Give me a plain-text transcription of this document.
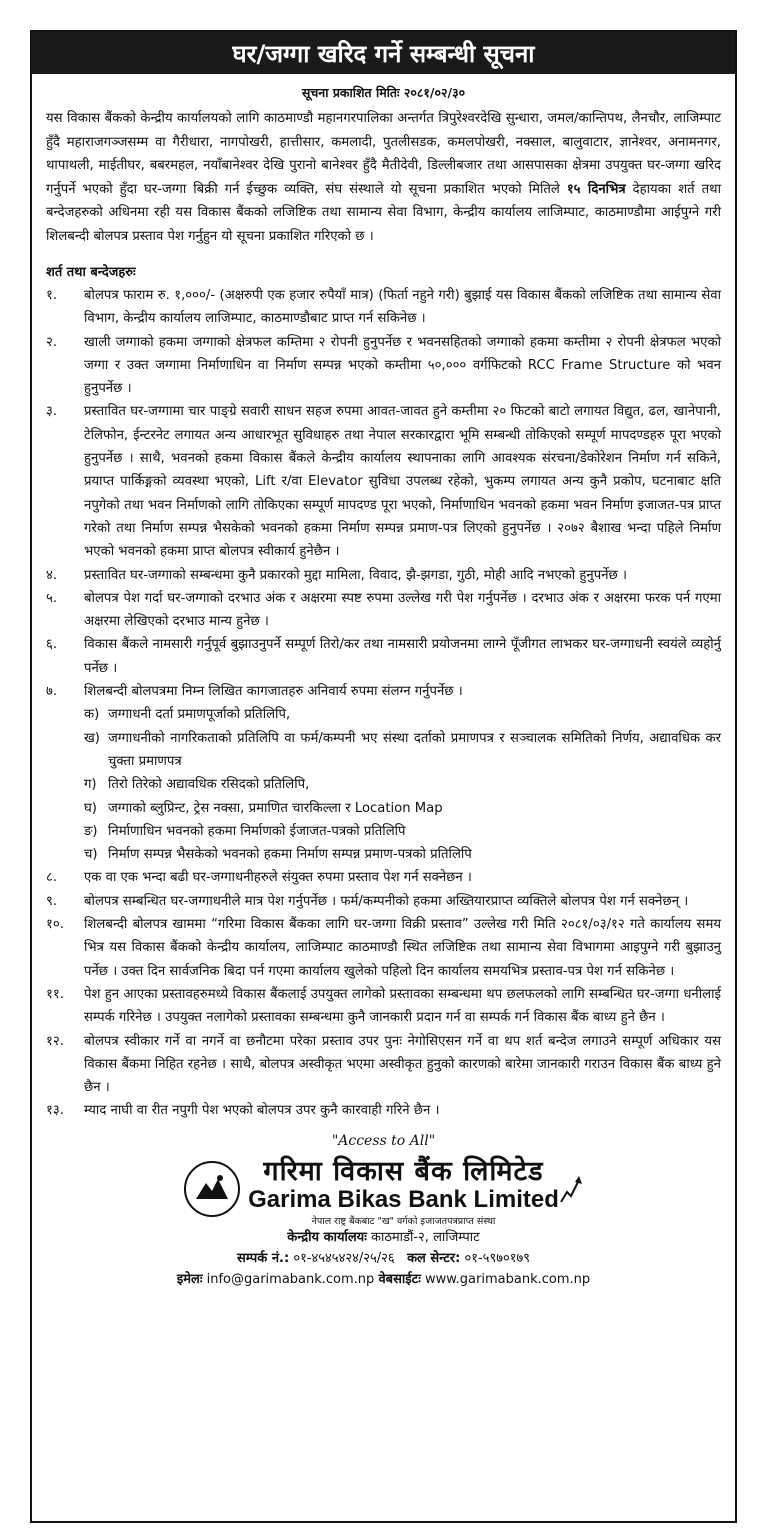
घर/जग्गा खरिद गर्ने सम्बन्धी सूचना
सूचना प्रकाशित मितिः २०८१/०२/३०
यस विकास बैंकको केन्द्रीय कार्यालयको लागि काठमाण्डौ महानगरपालिका अन्तर्गत त्रिपुरेश्वरदेखि सुन्धारा, जमल/कान्तिपथ, लैनचौर, लाजिम्पाट हुँदै महाराजगञ्जसम्म वा गैरीधारा, नागपोखरी, हात्तीसार, कमलादी, पुतलीसडक, कमलपोखरी, नक्साल, बालुवाटार, ज्ञानेश्वर, अनामनगर, थापाथली, माईतीघर, बबरमहल, नयाँबानेश्वर देखि पुरानो बानेश्वर हुँदै मैतीदेवी, डिल्लीबजार तथा आसपासका क्षेत्रमा उपयुक्त घर-जग्गा खरिद गर्नुपर्ने भएको हुँदा घर-जग्गा बिक्री गर्न ईच्छुक व्यक्ति, संघ संस्थाले यो सूचना प्रकाशित भएको मितिले १५ दिनभित्र देहायका शर्त तथा बन्देजहरुको अधिनमा रही यस विकास बैंकको लजिष्टिक तथा सामान्य सेवा विभाग, केन्द्रीय कार्यालय लाजिम्पाट, काठमाण्डौमा आईपुग्ने गरी शिलबन्दी बोलपत्र प्रस्ताव पेश गर्नुहुन यो सूचना प्रकाशित गरिएको छ ।
शर्त तथा बन्देजहरुः
१.	बोलपत्र फाराम रु. १,०००/- (अक्षरुपी एक हजार रुपैयाँ मात्र) (फिर्ता नहुने गरी) बुझाई यस विकास बैंकको लजिष्टिक तथा सामान्य सेवा विभाग, केन्द्रीय कार्यालय लाजिम्पाट, काठमाण्डौबाट प्राप्त गर्न सकिनेछ ।
२.	खाली जग्गाको हकमा जग्गाको क्षेत्रफल कम्तिमा २ रोपनी हुनुपर्नेछ र भवनसहितको जग्गाको हकमा कम्तीमा २ रोपनी क्षेत्रफल भएको जग्गा र उक्त जग्गामा निर्माणाधिन वा निर्माण सम्पन्न भएको कम्तीमा ५०,००० वर्गफिटको RCC Frame Structure को भवन हुनुपर्नेछ ।
३.	प्रस्तावित घर-जग्गामा चार पाङ्ग्रे सवारी साधन सहज रुपमा आवत-जावत हुने कम्तीमा २० फिटको बाटो लगायत विद्युत, ढल, खानेपानी, टेलिफोन, ईन्टरनेट लगायत अन्य आधारभूत सुविधाहरु तथा नेपाल सरकारद्वारा भूमि सम्बन्धी तोकिएको सम्पूर्ण मापदण्डहरु पूरा भएको हुनुपर्नेछ । साथै, भवनको हकमा विकास बैंकले केन्द्रीय कार्यालय स्थापनाका लागि आवश्यक संरचना/डेकोरेशन निर्माण गर्न सकिने, प्रयाप्त पार्किङ्गको व्यवस्था भएको, Lift र/वा Elevator सुविधा उपलब्ध रहेको, भुकम्प लगायत अन्य कुनै प्रकोप, घटनाबाट क्षति नपुगेको तथा भवन निर्माणको लागि तोकिएका सम्पूर्ण मापदण्ड पूरा भएको, निर्माणाधिन भवनको हकमा भवन निर्माण इजाजत-पत्र प्राप्त गरेको तथा निर्माण सम्पन्न भैसकेको भवनको हकमा निर्माण सम्पन्न प्रमाण-पत्र लिएको हुनुपर्नेछ । २०७२ बैशाख भन्दा पहिले निर्माण भएको भवनको हकमा प्राप्त बोलपत्र स्वीकार्य हुनेछैन ।
४.	प्रस्तावित घर-जग्गाको सम्बन्धमा कुनै प्रकारको मुद्दा मामिला, विवाद, झै-झगडा, गुठी, मोही आदि नभएको हुनुपर्नेछ ।
५.	बोलपत्र पेश गर्दा घर-जग्गाको दरभाउ अंक र अक्षरमा स्पष्ट रुपमा उल्लेख गरी पेश गर्नुपर्नेछ । दरभाउ अंक र अक्षरमा फरक पर्न गएमा अक्षरमा लेखिएको दरभाउ मान्य हुनेछ ।
६.	विकास बैंकले नामसारी गर्नुपूर्व बुझाउनुपर्ने सम्पूर्ण तिरो/कर तथा नामसारी प्रयोजनमा लाग्ने पूँजीगत लाभकर घर-जग्गाधनी स्वयंले व्यहोर्नु पर्नेछ ।
७.	शिलबन्दी बोलपत्रमा निम्न लिखित कागजातहरु अनिवार्य रुपमा संलग्न गर्नुपर्नेछ ।
क) जग्गाधनी दर्ता प्रमाणपूर्जाको प्रतिलिपि,
ख) जग्गाधनीको नागरिकताको प्रतिलिपि वा फर्म/कम्पनी भए संस्था दर्ताको प्रमाणपत्र र सञ्चालक समितिको निर्णय, अद्यावधिक कर चुक्ता प्रमाणपत्र
ग) तिरो तिरेको अद्यावधिक रसिदको प्रतिलिपि,
घ) जग्गाको ब्लुप्रिन्ट, ट्रेस नक्सा, प्रमाणित चारकिल्ला र Location Map
ङ) निर्माणाधिन भवनको हकमा निर्माणको ईजाजत-पत्रको प्रतिलिपि
च) निर्माण सम्पन्न भैसकेको भवनको हकमा निर्माण सम्पन्न प्रमाण-पत्रको प्रतिलिपि
८.	एक वा एक भन्दा बढी घर-जग्गाधनीहरुले संयुक्त रुपमा प्रस्ताव पेश गर्न सक्नेछन ।
९.	बोलपत्र सम्बन्धित घर-जग्गाधनीले मात्र पेश गर्नुपर्नेछ । फर्म/कम्पनीको हकमा अख्तियारप्राप्त व्यक्तिले बोलपत्र पेश गर्न सक्नेछन् ।
१०.	शिलबन्दी बोलपत्र खाममा “गरिमा विकास बैंकका लागि घर-जग्गा विक्री प्रस्ताव” उल्लेख गरी मिति २०८१/०३/१२ गते कार्यालय समय भित्र यस विकास बैंकको केन्द्रीय कार्यालय, लाजिम्पाट काठमाण्डौ स्थित लजिष्टिक तथा सामान्य सेवा विभागमा आइपुग्ने गरी बुझाउनु पर्नेछ । उक्त दिन सार्वजनिक बिदा पर्न गएमा कार्यालय खुलेको पहिलो दिन कार्यालय समयभित्र प्रस्ताव-पत्र पेश गर्न सकिनेछ ।
११.	पेश हुन आएका प्रस्तावहरुमध्ये विकास बैंकलाई उपयुक्त लागेको प्रस्तावका सम्बन्धमा थप छलफलको लागि सम्बन्धित घर-जग्गा धनीलाई सम्पर्क गरिनेछ । उपयुक्त नलागेको प्रस्तावका सम्बन्धमा कुनै जानकारी प्रदान गर्न वा सम्पर्क गर्न विकास बैंक बाध्य हुने छैन ।
१२.	बोलपत्र स्वीकार गर्ने वा नगर्ने वा छनौटमा परेका प्रस्ताव उपर पुनः नेगोसिएसन गर्ने वा थप शर्त बन्देज लगाउने सम्पूर्ण अधिकार यस विकास बैंकमा निहित रहनेछ । साथै, बोलपत्र अस्वीकृत भएमा अस्वीकृत हुनुको कारणको बारेमा जानकारी गराउन विकास बैंक बाध्य हुने छैन ।
१३.	म्याद नाघी वा रीत नपुगी पेश भएको बोलपत्र उपर कुनै कारवाही गरिने छैन ।
"Access to All"
गरिमा विकास बैंक लिमिटेड
Garima Bikas Bank Limited
नेपाल राष्ट्र बैंकबाट "ख" वर्गको इजाजतपत्रप्राप्त संस्था
केन्द्रीय कार्यालयः काठमाडौं-२, लाजिम्पाट
सम्पर्क नं.: ०१-४५४५४२४/२५/२६ कल सेन्टर: ०१-५९७०१७९
इमेलः info@garimabank.com.np वेबसाईटः www.garimabank.com.np
